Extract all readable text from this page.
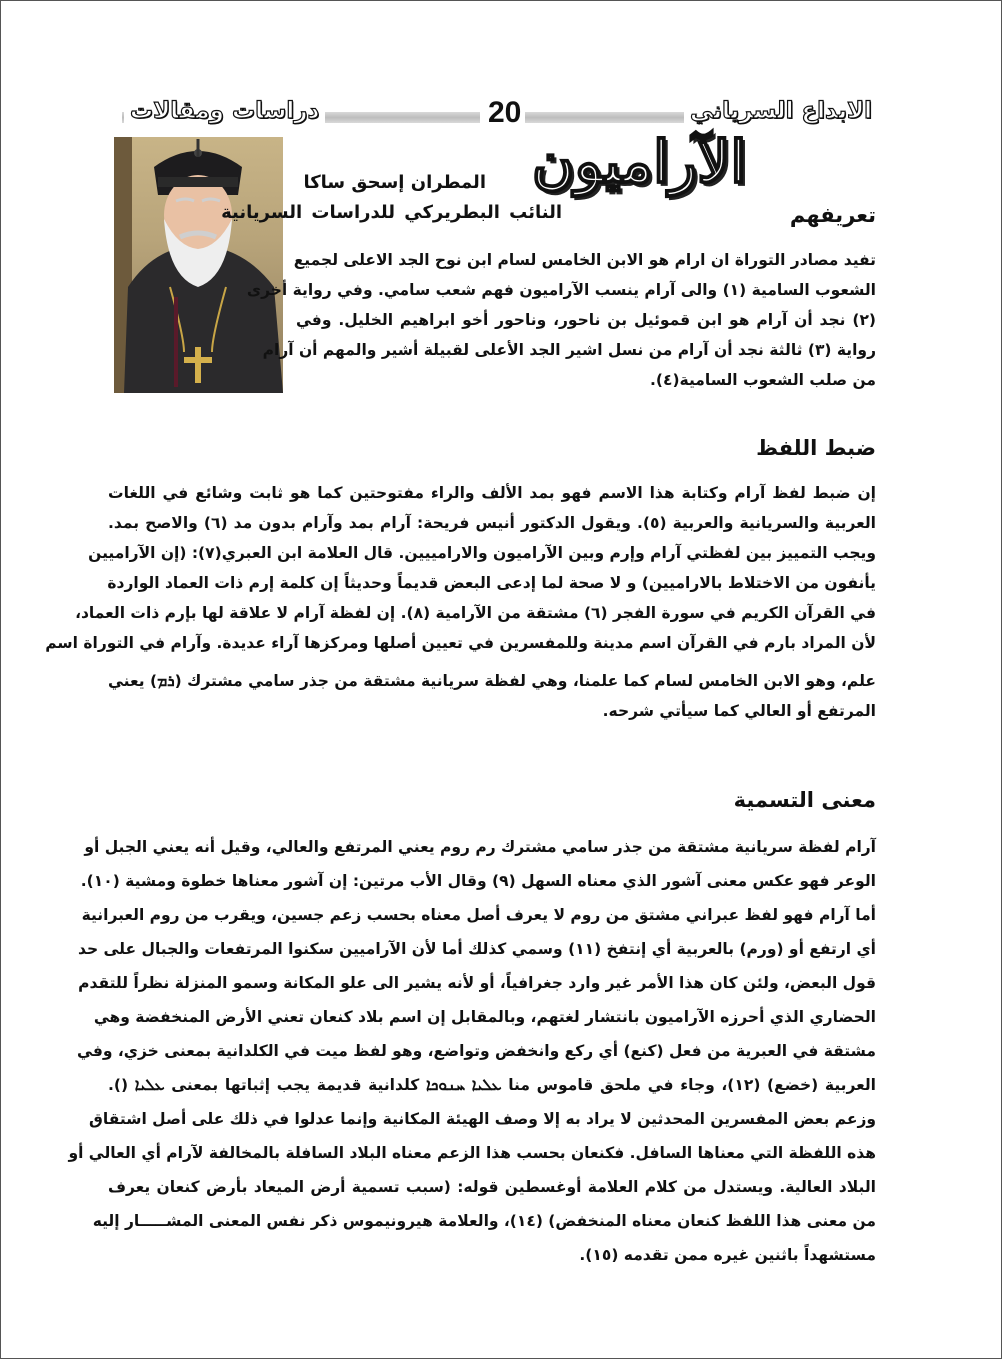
الابداع السرياني
دراسات ومقالات	20
الآراميون
المطران إسحق ساكا
النائب البطريركي للدراسات السريانية	تعريفهم
تفيد مصادر التوراة ان ارام هو الابن الخامس لسام ابن نوح الجد الاعلى لجميع
الشعوب السامية (١) والى آرام ينسب الآراميون فهم شعب سامي. وفي رواية أخرى
(٢) نجد أن آرام هو ابن قموئيل بن ناحور، وناحور أخو ابراهيم الخليل. وفي
رواية (٣) ثالثة نجد أن آرام من نسل اشير الجد الأعلى لقبيلة أشير والمهم أن آرام
من صلب الشعوب السامية(٤).
ضبط اللفظ
إن ضبط لفظ آرام وكتابة هذا الاسم فهو بمد الألف والراء مفتوحتين كما هو ثابت وشائع في اللغات
العربية والسريانية والعربية (٥). ويقول الدكتور أنيس فريحة: آرام بمد وآرام بدون مد (٦) والاصح بمد.
ويجب التمييز بين لفظتي آرام وإرم وبين الآراميون والارامييين. قال العلامة ابن العبري(٧): (إن الآراميين
يأنفون من الاختلاط بالاراميين) و لا صحة لما إدعى البعض قديماً وحديثاً إن كلمة إرم ذات العماد الواردة
في القرآن الكريم في سورة الفجر (٦) مشتقة من الآرامية (٨). إن لفظة آرام لا علاقة لها بإرم ذات العماد،
لأن المراد بارم في القرآن اسم مدينة وللمفسرين في تعيين أصلها ومركزها آراء عديدة. وآرام في التوراة اسم
علم، وهو الابن الخامس لسام كما علمنا، وهي لفظة سريانية مشتقة من جذر سامي مشترك (ܪܡ) يعني
المرتفع أو العالي كما سيأتي شرحه.
معنى التسمية
آرام لفظة سريانية مشتقة من جذر سامي مشترك رم روم يعني المرتفع والعالي، وقيل أنه يعني الجبل أو
الوعر فهو عكس معنى آشور الذي معناه السهل (٩) وقال الأب مرتين: إن آشور معناها خطوة ومشية (١٠).
أما آرام فهو لفظ عبراني مشتق من روم لا يعرف أصل معناه بحسب زعم جسين، ويقرب من روم العبرانية
أي ارتفع أو (ورم) بالعربية أي إنتفخ (١١) وسمي كذلك أما لأن الآراميين سكنوا المرتفعات والجبال على حد
قول البعض، ولئن كان هذا الأمر غير وارد جغرافياً، أو لأنه يشير الى علو المكانة وسمو المنزلة نظراً للتقدم
الحضاري الذي أحرزه الآراميون بانتشار لغتهم، وبالمقابل إن اسم بلاد كنعان تعني الأرض المنخفضة وهي
مشتقة في العبرية من فعل (كنع) أي ركع وانخفض وتواضع، وهو لفظ ميت في الكلدانية بمعنى خزي، وفي
العربية (خضع) (١٢)، وجاء في ملحق قاموس منا ܥܠܝܐ ܚܢܘܟܐ كلدانية قديمة يجب إثباتها بمعنى ܥܠܝܐ ().
وزعم بعض المفسرين المحدثين لا يراد به إلا وصف الهيئة المكانية وإنما عدلوا في ذلك على أصل اشتقاق
هذه اللفظة التي معناها السافل. فكنعان بحسب هذا الزعم معناه البلاد السافلة بالمخالفة لآرام أي العالي أو
البلاد العالية. ويستدل من كلام العلامة أوغسطين قوله: (سبب تسمية أرض الميعاد بأرض كنعان يعرف
من معنى هذا اللفظ كنعان معناه المنخفض) (١٤)، والعلامة هيرونيموس ذكر نفس المعنى المشـــــار إليه
مستشهداً باثنين غيره ممن تقدمه (١٥).
